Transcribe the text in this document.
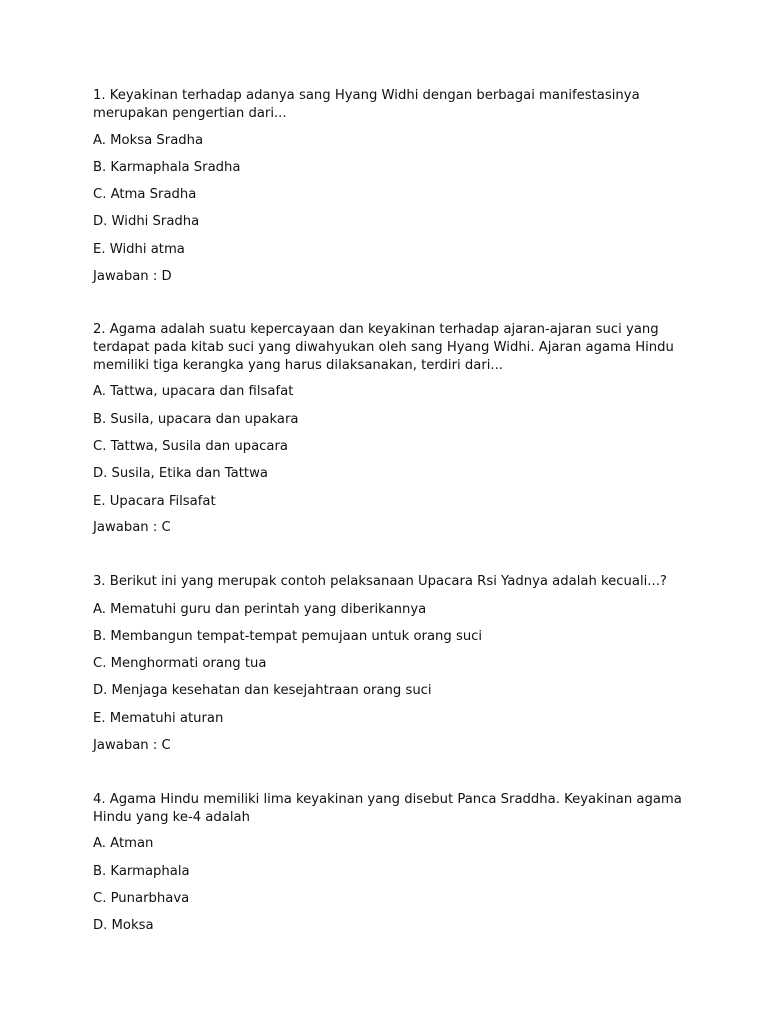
1. Keyakinan terhadap adanya sang Hyang Widhi dengan berbagai manifestasinya
merupakan pengertian dari...
A. Moksa Sradha
B. Karmaphala Sradha
C. Atma Sradha
D. Widhi Sradha
E. Widhi atma
Jawaban : D
2. Agama adalah suatu kepercayaan dan keyakinan terhadap ajaran-ajaran suci yang
terdapat pada kitab suci yang diwahyukan oleh sang Hyang Widhi. Ajaran agama Hindu
memiliki tiga kerangka yang harus dilaksanakan, terdiri dari...
A. Tattwa, upacara dan filsafat
B. Susila, upacara dan upakara
C. Tattwa, Susila dan upacara
D. Susila, Etika dan Tattwa
E. Upacara Filsafat
Jawaban : C
3. Berikut ini yang merupak contoh pelaksanaan Upacara Rsi Yadnya adalah kecuali...?
A. Mematuhi guru dan perintah yang diberikannya
B. Membangun tempat-tempat pemujaan untuk orang suci
C. Menghormati orang tua
D. Menjaga kesehatan dan kesejahtraan orang suci
E. Mematuhi aturan
Jawaban : C
4. Agama Hindu memiliki lima keyakinan yang disebut Panca Sraddha. Keyakinan agama
Hindu yang ke-4 adalah
A. Atman
B. Karmaphala
C. Punarbhava
D. Moksa
